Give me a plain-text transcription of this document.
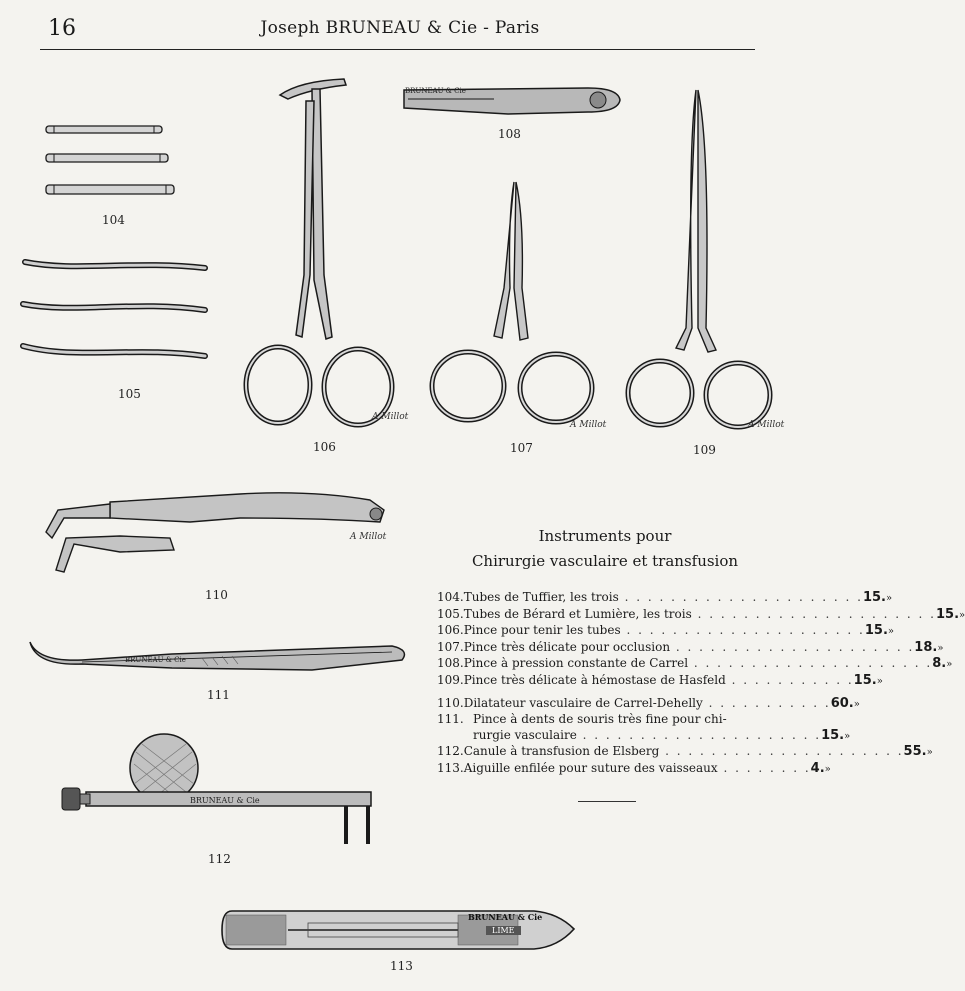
16	Joseph BRUNEAU & Cie - Paris
104
105
106
108
107	109
110
111
112
113
Instruments pour
Chirurgie vasculaire et transfusion
104. Tubes de Tuffier, les trois . . . . . . . . . . . . . . . . . . . . . 15. »
105. Tubes de Bérard et Lumière, les trois . . . . . . . . . . . . . . . . . . . . . 15. »
106. Pince pour tenir les tubes . . . . . . . . . . . . . . . . . . . . . 15. »
107. Pince très délicate pour occlusion . . . . . . . . . . . . . . . . . . . . . 18. »
108. Pince à pression constante de Carrel . . . . . . . . . . . . . . . . . . . . . 8. »
109. Pince très délicate à hémostase de Hasfeld . . . . . . . . . . . 15. »
110. Dilatateur vasculaire de Carrel-Dehelly . . . . . . . . . . . 60. »
111. Pince à dents de souris très fine pour chi-
rurgie vasculaire . . . . . . . . . . . . . . . . . . . . . 15. »
112. Canule à transfusion de Elsberg . . . . . . . . . . . . . . . . . . . . . 55. »
113. Aiguille enfilée pour suture des vaisseaux . . . . . . . . 4. »
A Millot
A Millot	A Millot
A Millot
BRUNEAU & Cie
BRUNEAU & Cie
BRUNEAU & Cie
BRUNEAU & Cie
LIME
